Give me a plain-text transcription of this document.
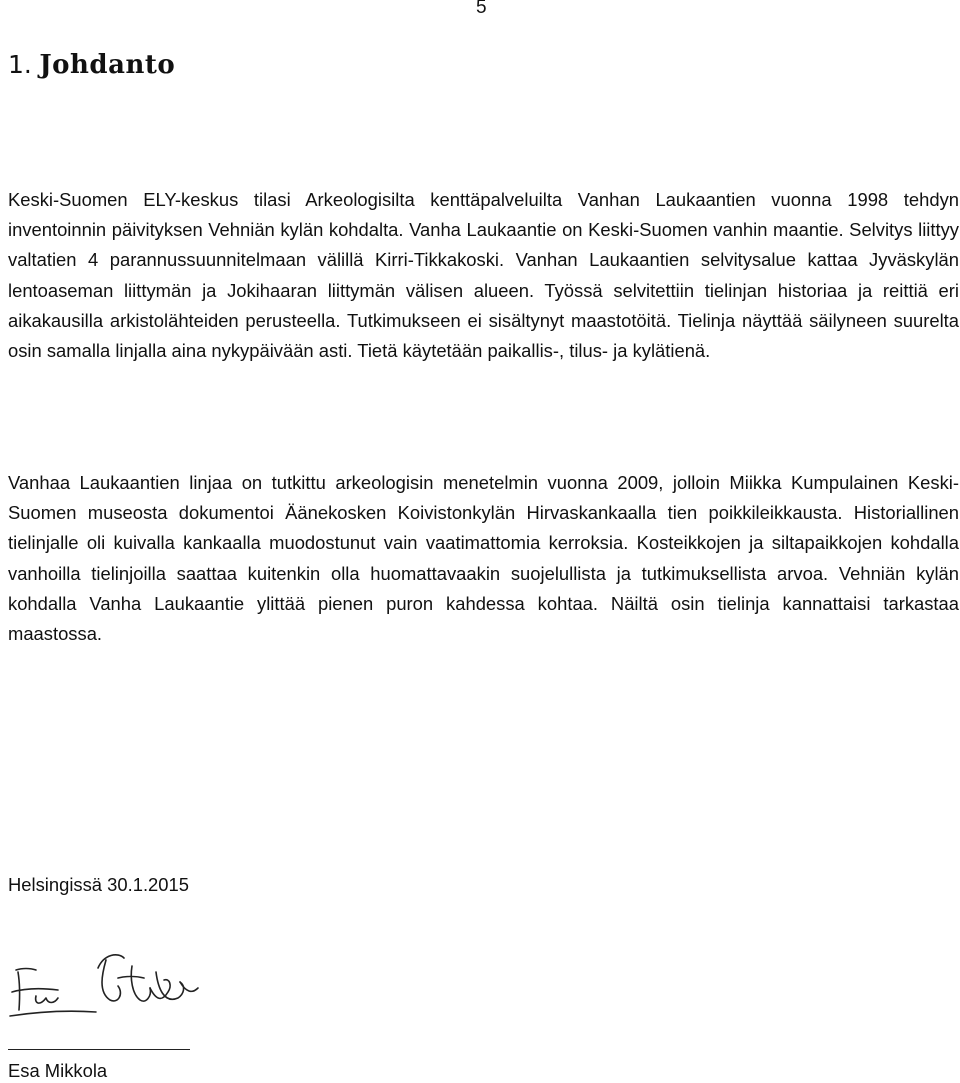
5
1. Johdanto

Keski-Suomen ELY-keskus tilasi Arkeologisilta kenttäpalveluilta Vanhan Laukaantien vuonna 1998 tehdyn inventoinnin päivityksen Vehniän kylän kohdalta. Vanha Laukaantie on Keski-Suomen vanhin maantie. Selvitys liittyy valtatien 4 parannussuunnitelmaan välillä Kirri-Tikkakoski. Vanhan Laukaantien selvitysalue kattaa Jyväskylän lentoaseman liittymän ja Jokihaaran liittymän välisen alueen. Työssä selvitettiin tielinjan historiaa ja reittiä eri aikakausilla arkistolähteiden perusteella. Tutkimukseen ei sisältynyt maastotöitä. Tielinja näyttää säilyneen suurelta osin samalla linjalla aina nykypäivään asti. Tietä käytetään paikallis-, tilus- ja kylätienä.

Vanhaa Laukaantien linjaa on tutkittu arkeologisin menetelmin vuonna 2009, jolloin Miikka Kumpulainen Keski-Suomen museosta dokumentoi Äänekosken Koivistonkylän Hirvaskankaalla tien poikkileikkausta. Historiallinen tielinjalle oli kuivalla kankaalla muodostunut vain vaatimattomia kerroksia. Kosteikkojen ja siltapaikkojen kohdalla vanhoilla tielinjoilla saattaa kuitenkin olla huomattavaakin suojelullista ja tutkimuksellista arvoa. Vehniän kylän kohdalla Vanha Laukaantie ylittää pienen puron kahdessa kohtaa. Näiltä osin tielinja kannattaisi tarkastaa maastossa.

Helsingissä 30.1.2015
Esa Mikkola
